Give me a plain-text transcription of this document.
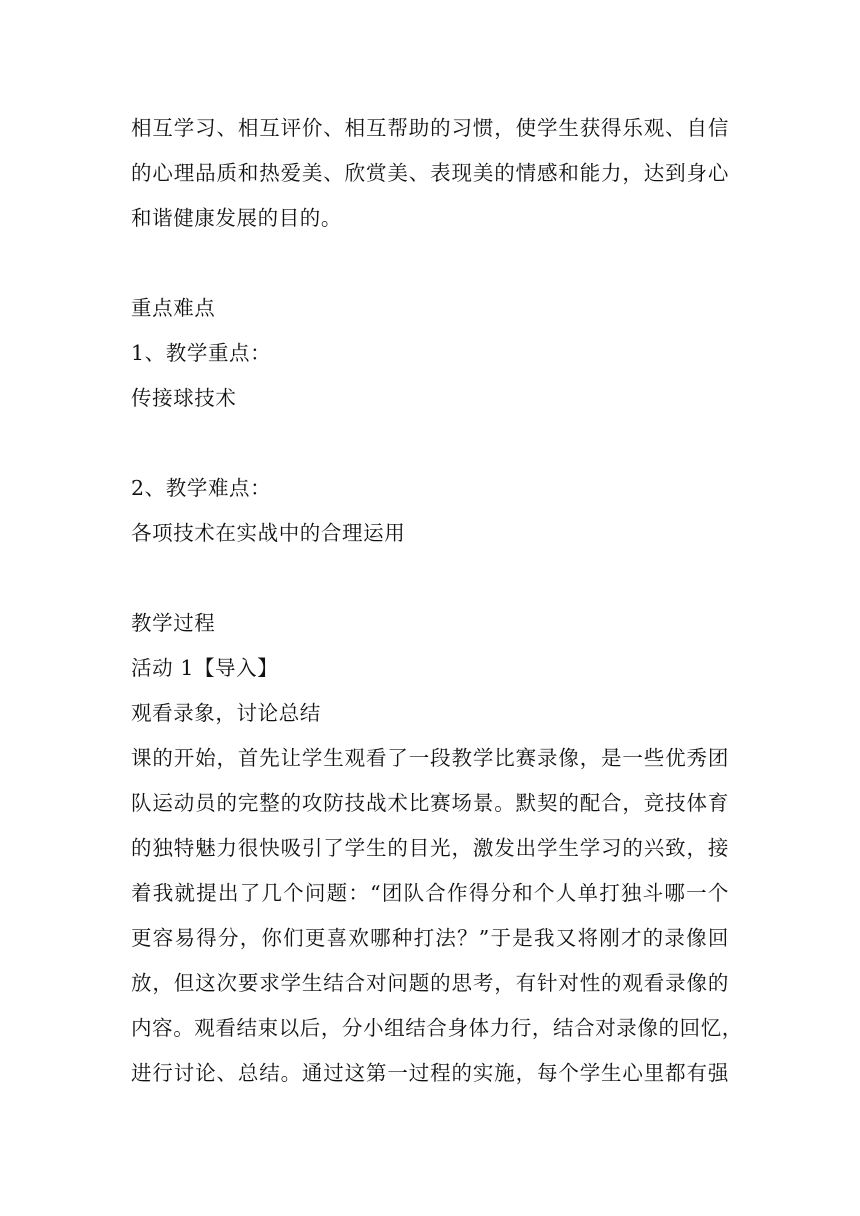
相互学习、相互评价、相互帮助的习惯，使学生获得乐观、自信
的心理品质和热爱美、欣赏美、表现美的情感和能力，达到身心
和谐健康发展的目的。
重点难点
1、教学重点：
传接球技术
2、教学难点：
各项技术在实战中的合理运用
教学过程
活动 1【导入】
观看录象，讨论总结
课的开始，首先让学生观看了一段教学比赛录像，是一些优秀团
队运动员的完整的攻防技战术比赛场景。默契的配合，竞技体育
的独特魅力很快吸引了学生的目光，激发出学生学习的兴致，接
着我就提出了几个问题：“团队合作得分和个人单打独斗哪一个
更容易得分，你们更喜欢哪种打法？”于是我又将刚才的录像回
放，但这次要求学生结合对问题的思考，有针对性的观看录像的
内容。观看结束以后，分小组结合身体力行，结合对录像的回忆，
进行讨论、总结。通过这第一过程的实施，每个学生心里都有强
